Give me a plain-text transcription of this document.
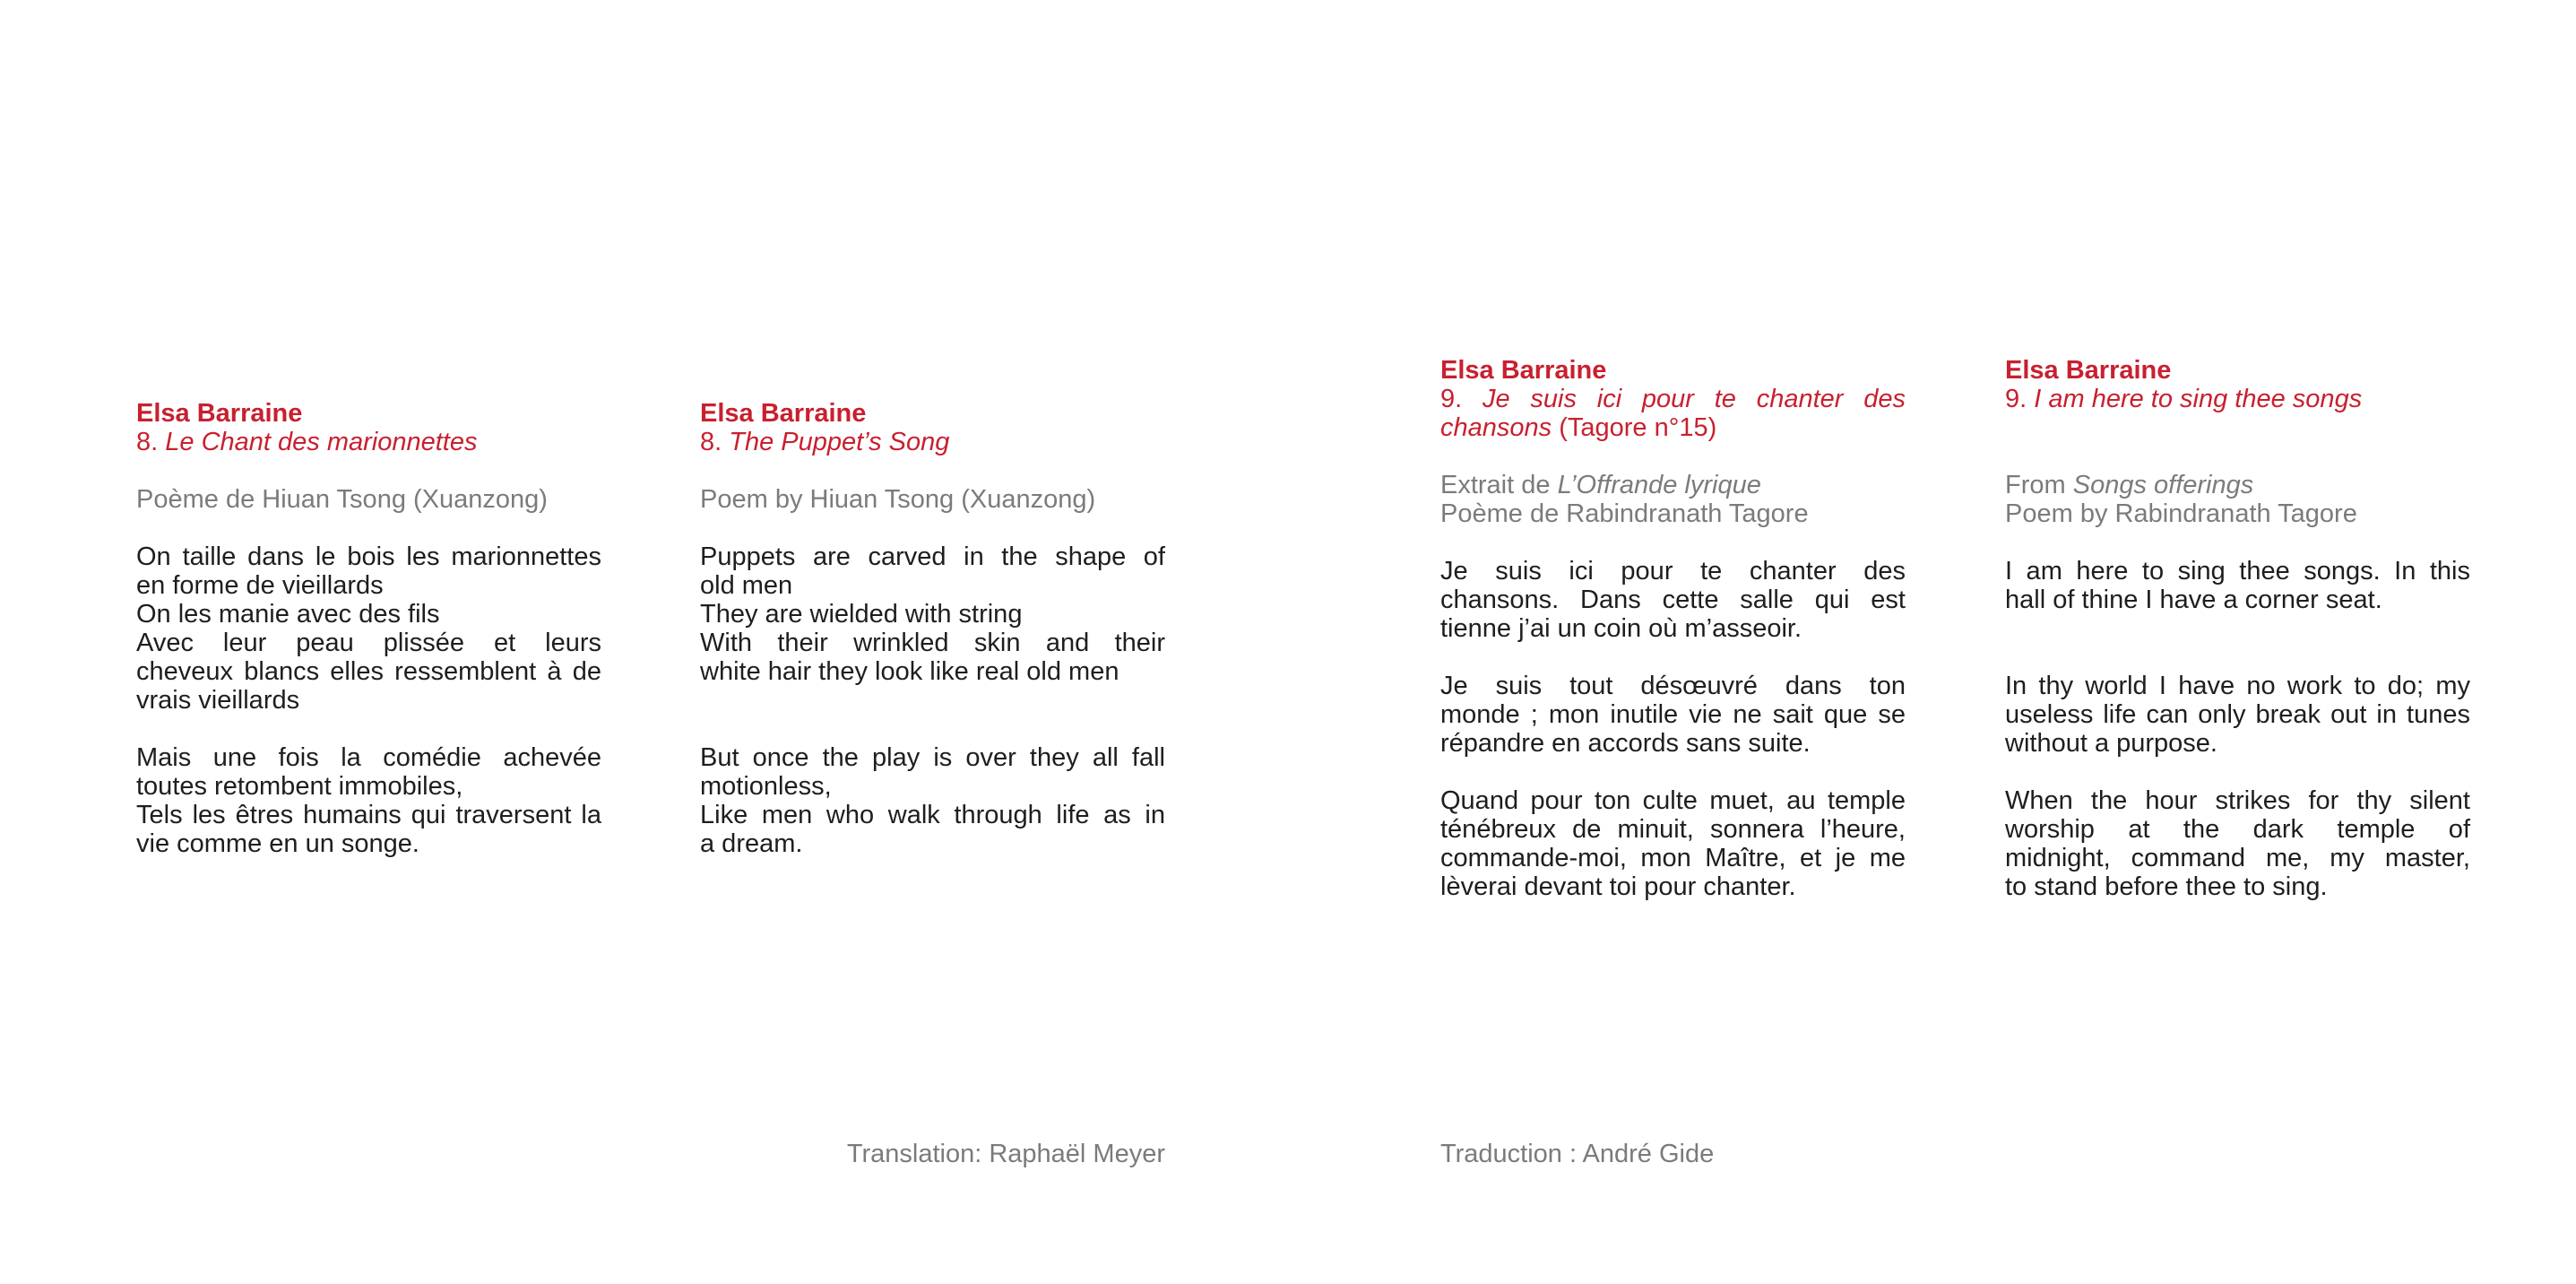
Elsa Barraine
8. Le Chant des marionnettes
Poème de Hiuan Tsong (Xuanzong)
On taille dans le bois les marionnettes
en forme de vieillards
On les manie avec des fils
Avec leur peau plissée et leurs
cheveux blancs elles ressemblent à de
vrais vieillards
Mais une fois la comédie achevée
toutes retombent immobiles,
Tels les êtres humains qui traversent la
vie comme en un songe.
Elsa Barraine
8. The Puppet’s Song
Poem by Hiuan Tsong (Xuanzong)
Puppets are carved in the shape of
old men
They are wielded with string
With their wrinkled skin and their
white hair they look like real old men
But once the play is over they all fall
motionless,
Like men who walk through life as in
a dream.
Elsa Barraine
9. Je suis ici pour te chanter des
chansons (Tagore n°15)
Extrait de L’Offrande lyrique
Poème de Rabindranath Tagore
Je suis ici pour te chanter des
chansons. Dans cette salle qui est
tienne j’ai un coin où m’asseoir.
Je suis tout désœuvré dans ton
monde ; mon inutile vie ne sait que se
répandre en accords sans suite.
Quand pour ton culte muet, au temple
ténébreux de minuit, sonnera l’heure,
commande-moi, mon Maître, et je me
lèverai devant toi pour chanter.
Elsa Barraine
9. I am here to sing thee songs
From Songs offerings
Poem by Rabindranath Tagore
I am here to sing thee songs. In this
hall of thine I have a corner seat.
In thy world I have no work to do; my
useless life can only break out in tunes
without a purpose.
When the hour strikes for thy silent
worship at the dark temple of
midnight, command me, my master,
to stand before thee to sing.
Translation: Raphaël Meyer	Traduction : André Gide
